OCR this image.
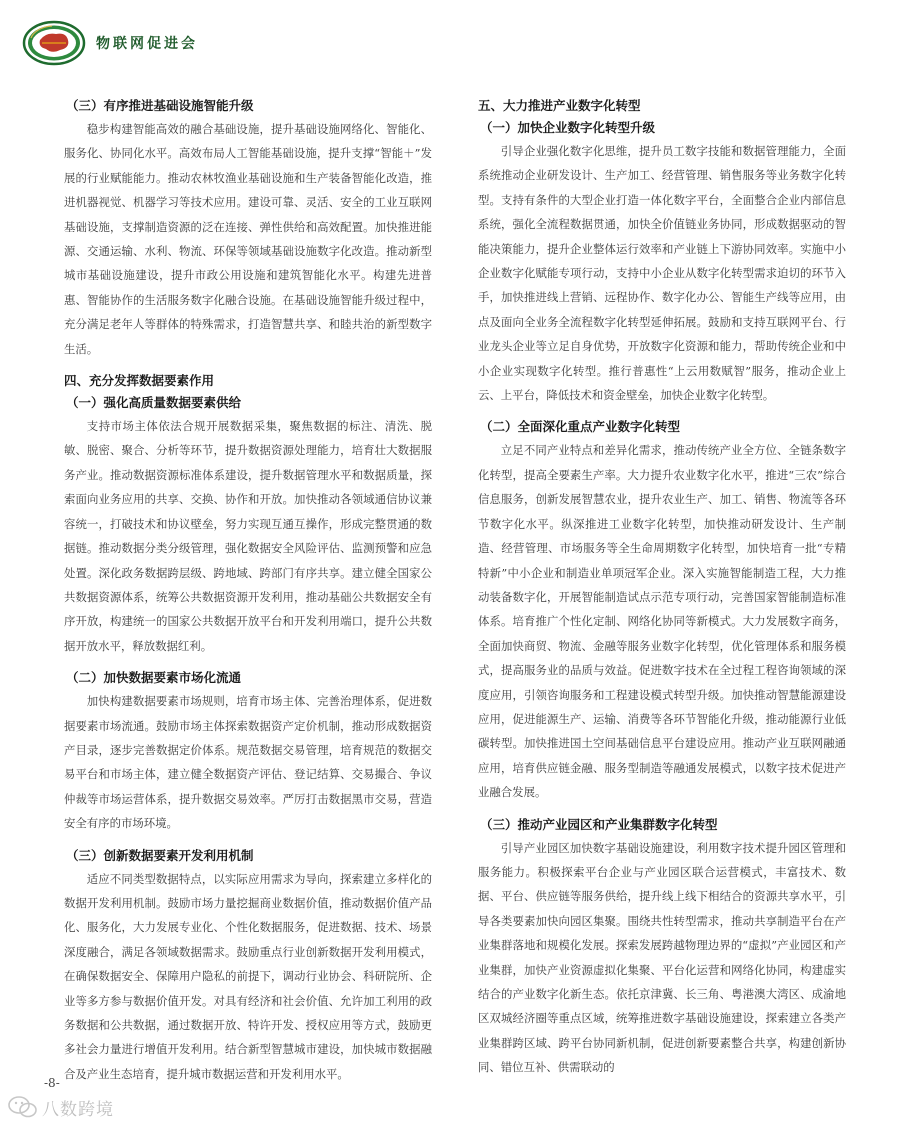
物联网促进会
（三）有序推进基础设施智能升级

稳步构建智能高效的融合基础设施，提升基础设施网络化、智能化、服务化、协同化水平。高效布局人工智能基础设施，提升支撑“智能＋”发展的行业赋能能力。推动农林牧渔业基础设施和生产装备智能化改造，推进机器视觉、机器学习等技术应用。建设可靠、灵活、安全的工业互联网基础设施，支撑制造资源的泛在连接、弹性供给和高效配置。加快推进能源、交通运输、水利、物流、环保等领域基础设施数字化改造。推动新型城市基础设施建设，提升市政公用设施和建筑智能化水平。构建先进普惠、智能协作的生活服务数字化融合设施。在基础设施智能升级过程中，充分满足老年人等群体的特殊需求，打造智慧共享、和睦共治的新型数字生活。

四、充分发挥数据要素作用
（一）强化高质量数据要素供给

支持市场主体依法合规开展数据采集，聚焦数据的标注、清洗、脱敏、脱密、聚合、分析等环节，提升数据资源处理能力，培育壮大数据服务产业。推动数据资源标准体系建设，提升数据管理水平和数据质量，探索面向业务应用的共享、交换、协作和开放。加快推动各领域通信协议兼容统一，打破技术和协议壁垒，努力实现互通互操作，形成完整贯通的数据链。推动数据分类分级管理，强化数据安全风险评估、监测预警和应急处置。深化政务数据跨层级、跨地域、跨部门有序共享。建立健全国家公共数据资源体系，统筹公共数据资源开发利用，推动基础公共数据安全有序开放，构建统一的国家公共数据开放平台和开发利用端口，提升公共数据开放水平，释放数据红利。

（二）加快数据要素市场化流通

加快构建数据要素市场规则，培育市场主体、完善治理体系，促进数据要素市场流通。鼓励市场主体探索数据资产定价机制，推动形成数据资产目录，逐步完善数据定价体系。规范数据交易管理，培育规范的数据交易平台和市场主体，建立健全数据资产评估、登记结算、交易撮合、争议仲裁等市场运营体系，提升数据交易效率。严厉打击数据黑市交易，营造安全有序的市场环境。

（三）创新数据要素开发利用机制

适应不同类型数据特点，以实际应用需求为导向，探索建立多样化的数据开发利用机制。鼓励市场力量挖掘商业数据价值，推动数据价值产品化、服务化，大力发展专业化、个性化数据服务，促进数据、技术、场景深度融合，满足各领域数据需求。鼓励重点行业创新数据开发利用模式，在确保数据安全、保障用户隐私的前提下，调动行业协会、科研院所、企业等多方参与数据价值开发。对具有经济和社会价值、允许加工利用的政务数据和公共数据，通过数据开放、特许开发、授权应用等方式，鼓励更多社会力量进行增值开发利用。结合新型智慧城市建设，加快城市数据融合及产业生态培育，提升城市数据运营和开发利用水平。

五、大力推进产业数字化转型
（一）加快企业数字化转型升级

引导企业强化数字化思维，提升员工数字技能和数据管理能力，全面系统推动企业研发设计、生产加工、经营管理、销售服务等业务数字化转型。支持有条件的大型企业打造一体化数字平台，全面整合企业内部信息系统，强化全流程数据贯通，加快全价值链业务协同，形成数据驱动的智能决策能力，提升企业整体运行效率和产业链上下游协同效率。实施中小企业数字化赋能专项行动，支持中小企业从数字化转型需求迫切的环节入手，加快推进线上营销、远程协作、数字化办公、智能生产线等应用，由点及面向全业务全流程数字化转型延伸拓展。鼓励和支持互联网平台、行业龙头企业等立足自身优势，开放数字化资源和能力，帮助传统企业和中小企业实现数字化转型。推行普惠性“上云用数赋智”服务，推动企业上云、上平台，降低技术和资金壁垒，加快企业数字化转型。

（二）全面深化重点产业数字化转型

立足不同产业特点和差异化需求，推动传统产业全方位、全链条数字化转型，提高全要素生产率。大力提升农业数字化水平，推进“三农”综合信息服务，创新发展智慧农业，提升农业生产、加工、销售、物流等各环节数字化水平。纵深推进工业数字化转型，加快推动研发设计、生产制造、经营管理、市场服务等全生命周期数字化转型，加快培育一批“专精特新”中小企业和制造业单项冠军企业。深入实施智能制造工程，大力推动装备数字化，开展智能制造试点示范专项行动，完善国家智能制造标准体系。培育推广个性化定制、网络化协同等新模式。大力发展数字商务，全面加快商贸、物流、金融等服务业数字化转型，优化管理体系和服务模式，提高服务业的品质与效益。促进数字技术在全过程工程咨询领域的深度应用，引领咨询服务和工程建设模式转型升级。加快推动智慧能源建设应用，促进能源生产、运输、消费等各环节智能化升级，推动能源行业低碳转型。加快推进国土空间基础信息平台建设应用。推动产业互联网融通应用，培育供应链金融、服务型制造等融通发展模式，以数字技术促进产业融合发展。

（三）推动产业园区和产业集群数字化转型

引导产业园区加快数字基础设施建设，利用数字技术提升园区管理和服务能力。积极探索平台企业与产业园区联合运营模式，丰富技术、数据、平台、供应链等服务供给，提升线上线下相结合的资源共享水平，引导各类要素加快向园区集聚。围绕共性转型需求，推动共享制造平台在产业集群落地和规模化发展。探索发展跨越物理边界的“虚拟”产业园区和产业集群，加快产业资源虚拟化集聚、平台化运营和网络化协同，构建虚实结合的产业数字化新生态。依托京津冀、长三角、粤港澳大湾区、成渝地区双城经济圈等重点区域，统筹推进数字基础设施建设，探索建立各类产业集群跨区域、跨平台协同新机制，促进创新要素整合共享，构建创新协同、错位互补、供需联动的

-8-
八数跨境
